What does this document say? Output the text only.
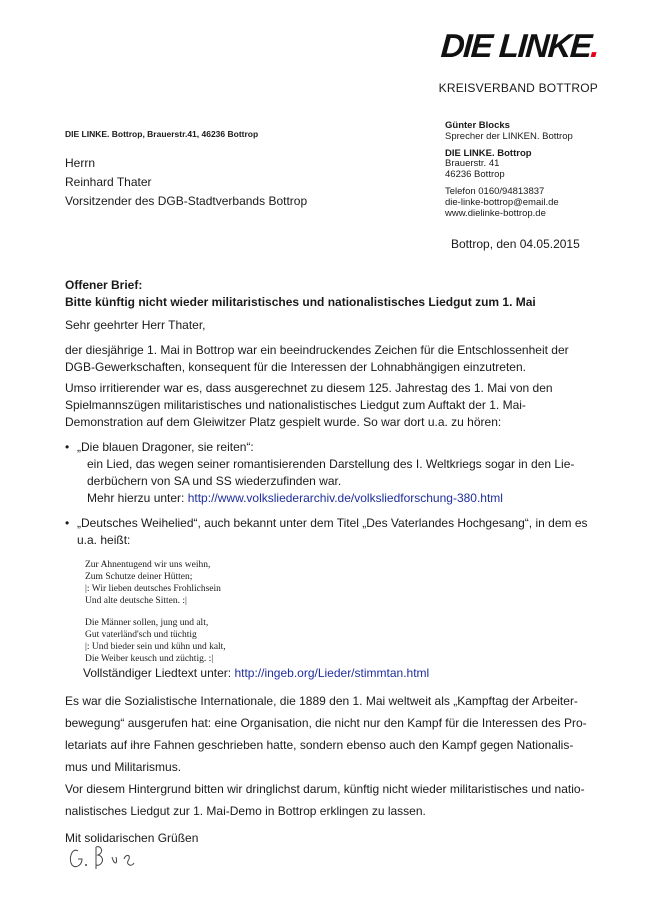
DIE LINKE.
KREISVERBAND BOTTROP
DIE LINKE. Bottrop, Brauerstr.41, 46236 Bottrop
Herrn
Reinhard Thater
Vorsitzender des DGB-Stadtverbands Bottrop
Günter Blocks
Sprecher der LINKEN. Bottrop
DIE LINKE. Bottrop
Brauerstr. 41
46236 Bottrop
Telefon 0160/94813837
die-linke-bottrop@email.de
www.dielinke-bottrop.de
Bottrop, den 04.05.2015

Offener Brief:

Bitte künftig nicht wieder militaristisches und nationalistisches Liedgut zum 1. Mai

Sehr geehrter Herr Thater,

der diesjährige 1. Mai in Bottrop war ein beeindruckendes Zeichen für die Entschlossenheit der
DGB-Gewerkschaften, konsequent für die Interessen der Lohnabhängigen einzutreten.

Umso irritierender war es, dass ausgerechnet zu diesem 125. Jahrestag des 1. Mai von den
Spielmannszügen militaristisches und nationalistisches Liedgut zum Auftakt der 1. Mai-
Demonstration auf dem Gleiwitzer Platz gespielt wurde. So war dort u.a. zu hören:

• „Die blauen Dragoner, sie reiten“:
ein Lied, das wegen seiner romantisierenden Darstellung des I. Weltkriegs sogar in den Lie-
derbüchern von SA und SS wiederzufinden war.
Mehr hierzu unter: http://www.volksliederarchiv.de/volksliedforschung-380.html
• „Deutsches Weihelied“, auch bekannt unter dem Titel „Des Vaterlandes Hochgesang“, in dem es
u.a. heißt:
Zur Ahnentugend wir uns weihn,
Zum Schutze deiner Hütten;
|: Wir lieben deutsches Frohlichsein
Und alte deutsche Sitten. :|
Die Männer sollen, jung und alt,
Gut vaterländ'sch und tüchtig
|: Und bieder sein und kühn und kalt,
Die Weiber keusch und züchtig. :|

Vollständiger Liedtext unter: http://ingeb.org/Lieder/stimmtan.html

Es war die Sozialistische Internationale, die 1889 den 1. Mai weltweit als „Kampftag der Arbeiter-

bewegung“ ausgerufen hat: eine Organisation, die nicht nur den Kampf für die Interessen des Pro-

letariats auf ihre Fahnen geschrieben hatte, sondern ebenso auch den Kampf gegen Nationalis-

mus und Militarismus.

Vor diesem Hintergrund bitten wir dringlichst darum, künftig nicht wieder militaristisches und natio-

nalistisches Liedgut zur 1. Mai-Demo in Bottrop erklingen zu lassen.

Mit solidarischen Grüßen
